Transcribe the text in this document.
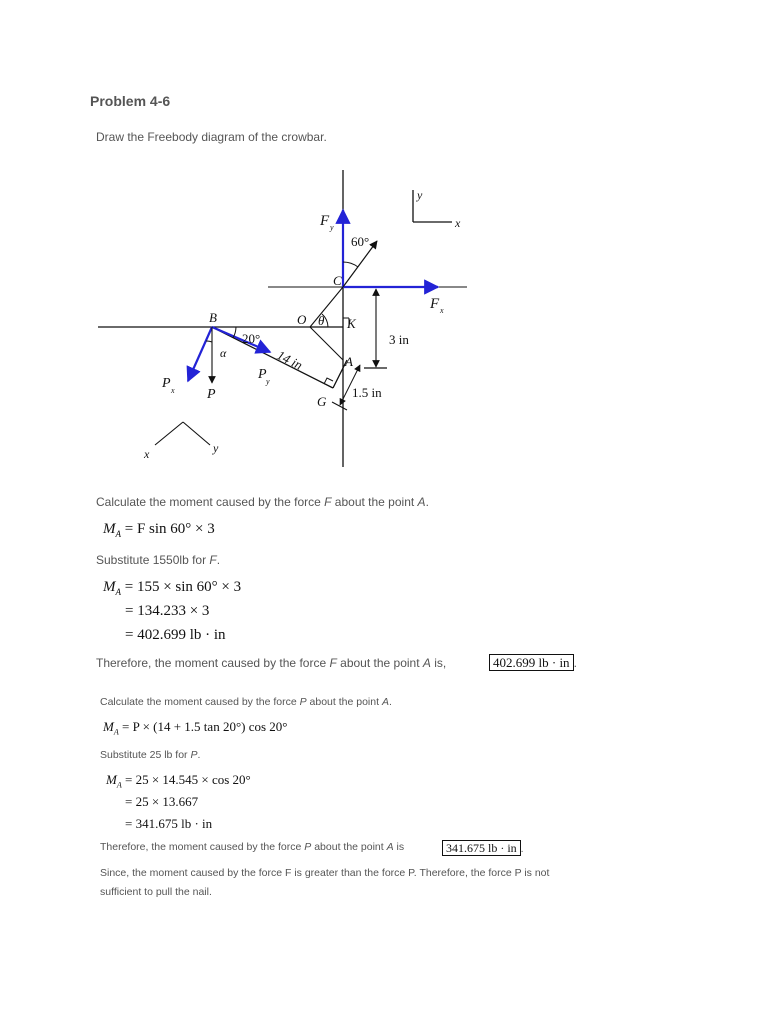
Problem 4-6
Draw the Freebody diagram of the crowbar.
F y
60°
C
F x
B	O θ K
A
G
20°
α	14 in
3 in
1.5 in
P x
P y
P
y
x
x	y
Calculate the moment caused by the force F about the point A.
$M_A = F$ sin 60° × 3
Substitute 1550lb for F.
$M_A = 155 \times \sin 60^\circ \times 3$
= 134.233 × 3
= 402.699 lb · in
Therefore, the moment caused by the force F about the point A is,	402.699 lb · in .
Calculate the moment caused by the force P about the point A.
$M_A = P \times (14 + 1.5$ tan 20°) cos 20°
Substitute 25 lb for P.
$M_A = 25 \times 14.545 \times \cos 20^\circ$
= 25 × 13.667
= 341.675 lb · in
Therefore, the moment caused by the force P about the point A is	341.675 lb · in .
Since, the moment caused by the force F is greater than the force P. Therefore, the force P is not
sufficient to pull the nail.
